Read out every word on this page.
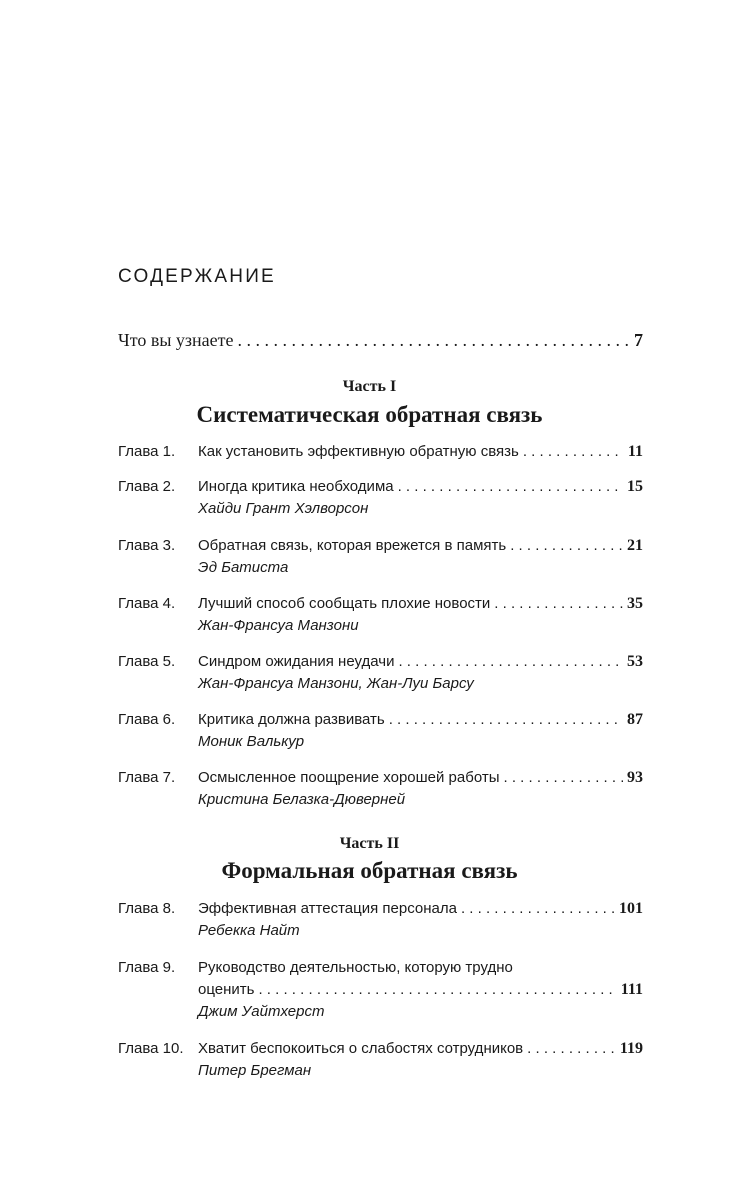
СОДЕРЖАНИЕ
Что вы узнаете . . .	7
Часть I
Систематическая обратная связь
Глава 1.	Как установить эффективную обратную связь . . .	11
Глава 2.	Иногда критика необходима . . .	15
Хайди Грант Хэлворсон
Глава 3.	Обратная связь, которая врежется в память . . .	21
Эд Батиста
Глава 4.	Лучший способ сообщать плохие новости . . .	35
Жан-Франсуа Манзони
Глава 5.	Синдром ожидания неудачи . . .	53
Жан-Франсуа Манзони, Жан-Луи Барсу
Глава 6.	Критика должна развивать . . .	87
Моник Валькур
Глава 7.	Осмысленное поощрение хорошей работы . . .	93
Кристина Белазка-Дюверней
Часть II
Формальная обратная связь
Глава 8.	Эффективная аттестация персонала . . .	101
Ребекка Найт
Глава 9.	Руководство деятельностью, которую трудно
оценить . . .	111
Джим Уайтхерст
Глава 10. Хватит беспокоиться о слабостях сотрудников . . .	119
Питер Брегман
